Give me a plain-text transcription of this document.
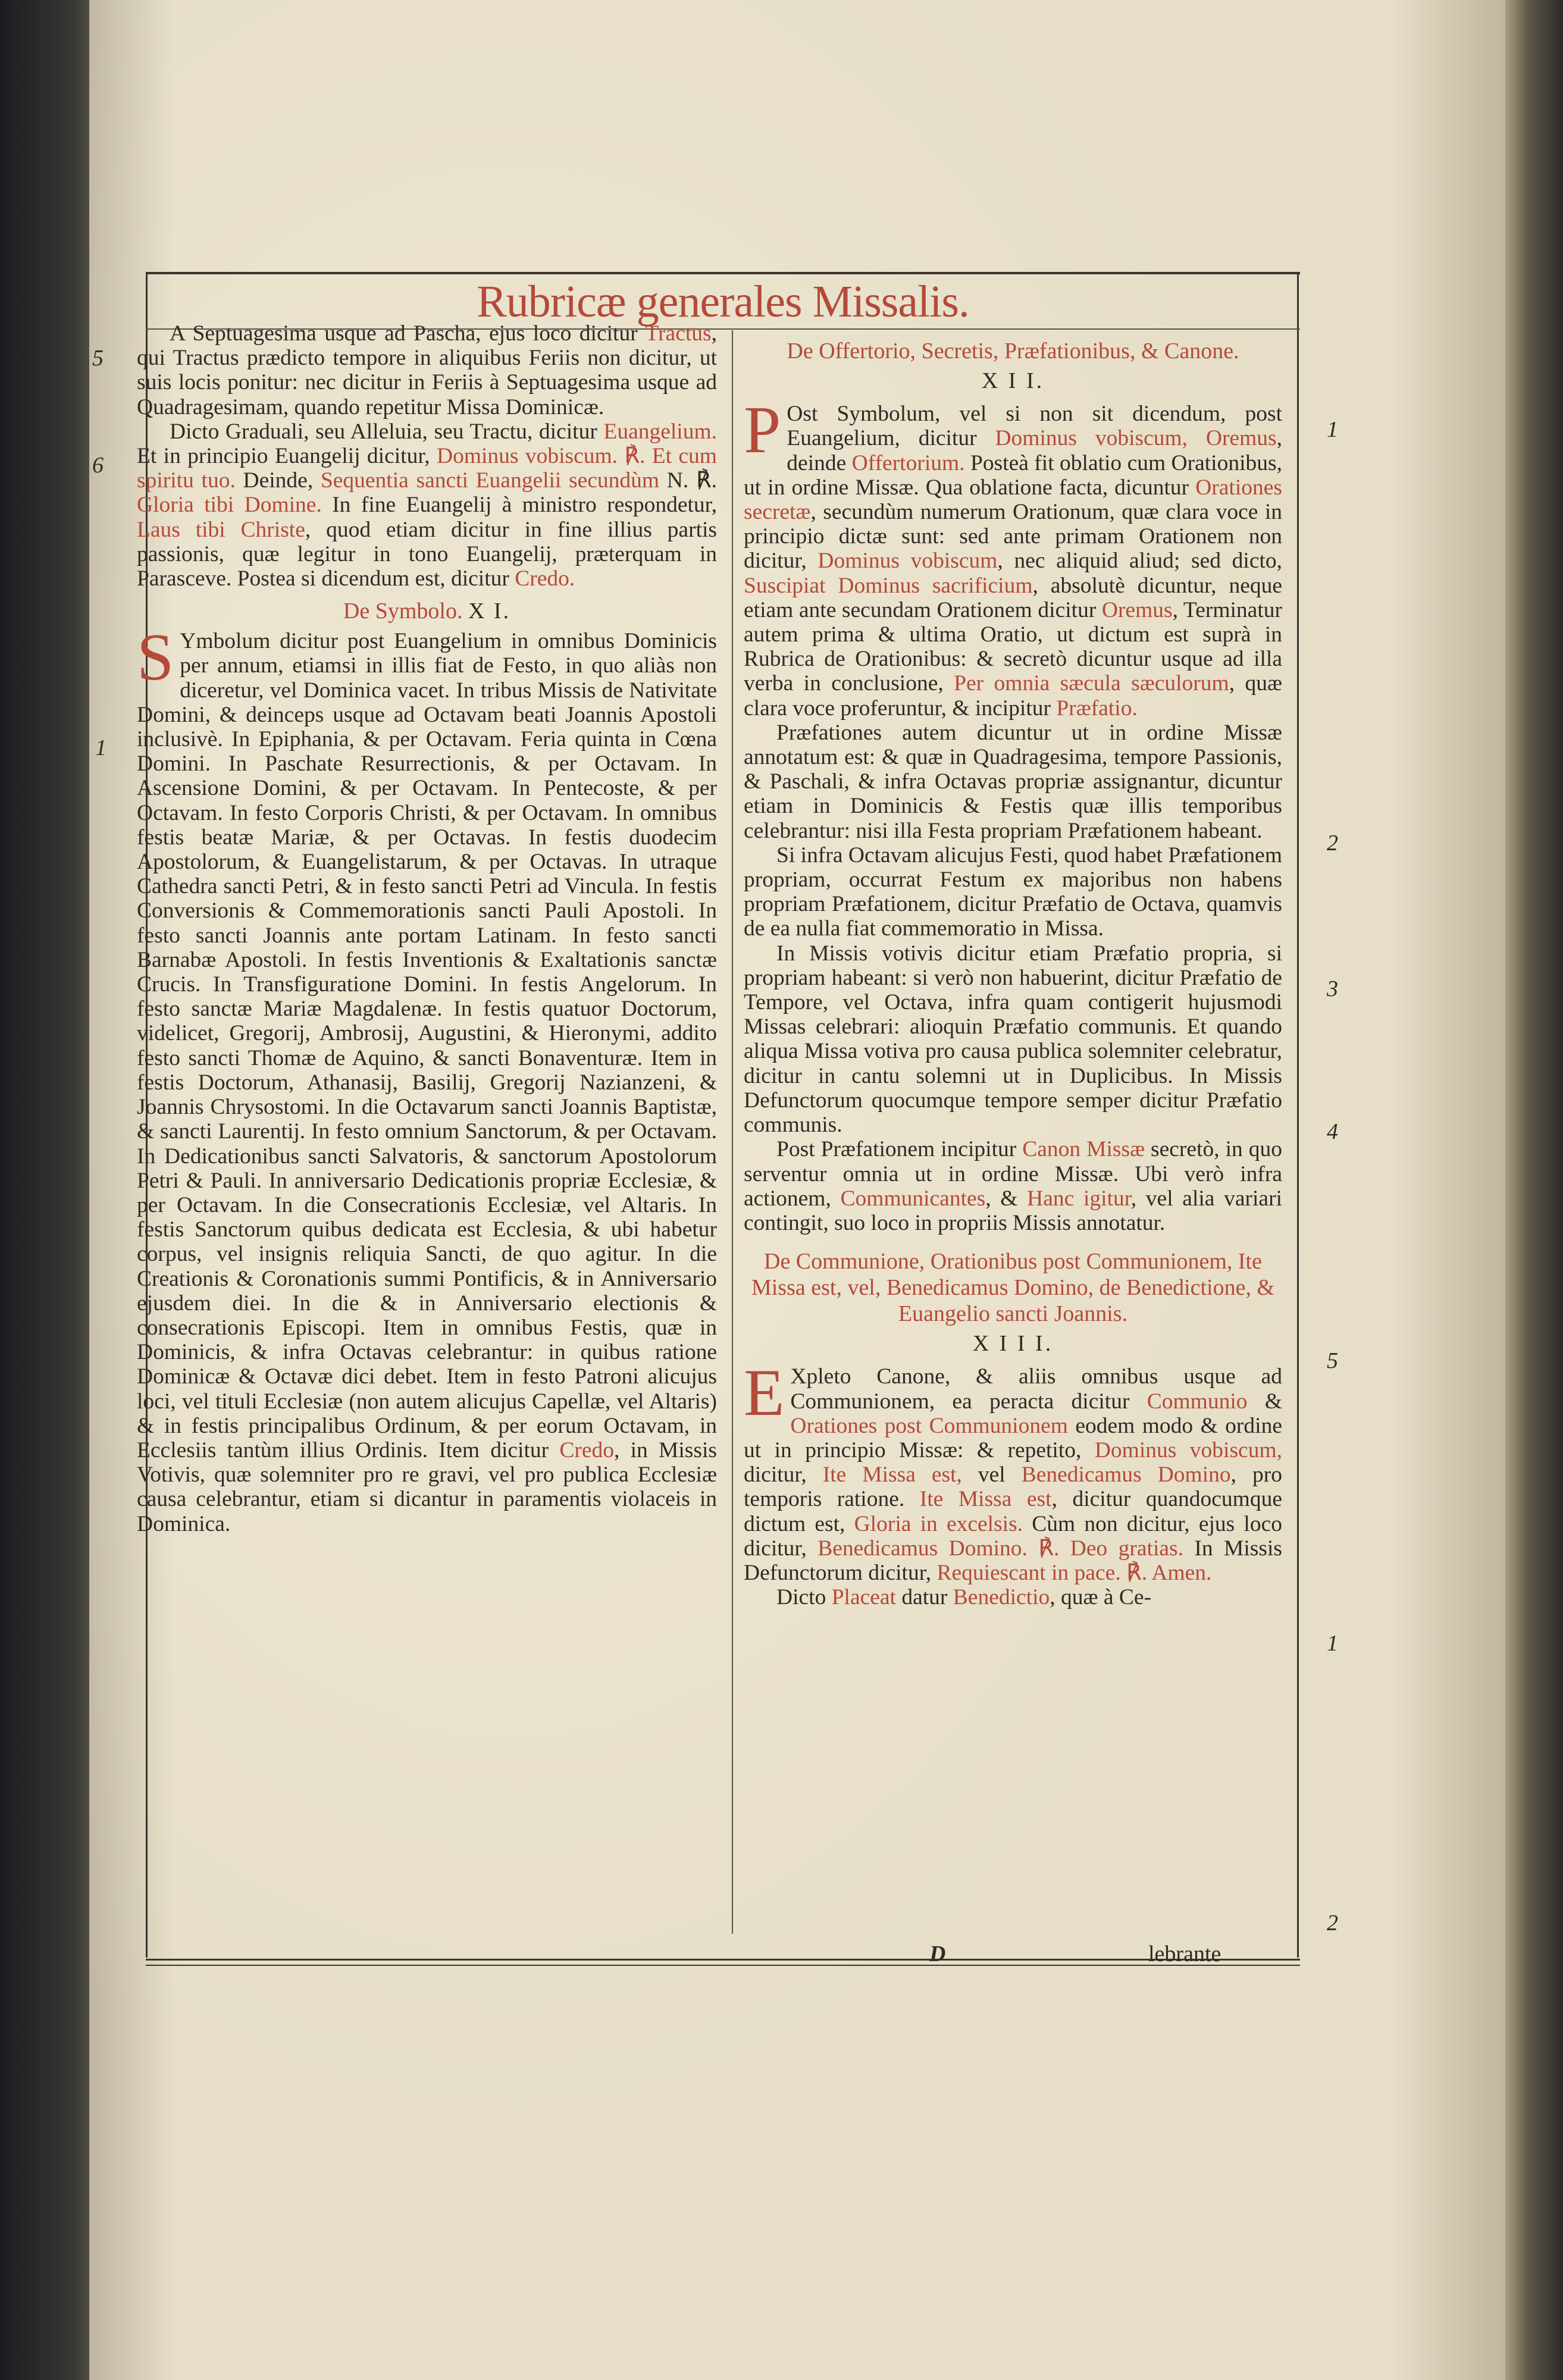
Rubricæ generales Missalis.
5
6
1
1
2
3
4
5
1
2

A Septuagesima usque ad Pascha, ejus loco dicitur Tractus, qui Tractus prædicto tempore in aliquibus Feriis non dicitur, ut suis locis ponitur: nec dicitur in Feriis à Septuagesima usque ad Quadragesimam, quando repetitur Missa Dominicæ.

Dicto Graduali, seu Alleluia, seu Tractu, dicitur Euangelium. Et in principio Euangelij dicitur, Dominus vobiscum. ℟. Et cum spiritu tuo. Deinde, Sequentia sancti Euangelii secundùm N. ℟. Gloria tibi Domine. In fine Euangelij à ministro respondetur, Laus tibi Christe, quod etiam dicitur in fine illius partis passionis, quæ legitur in tono Euangelij, præterquam in Parasceve. Postea si dicendum est, dicitur Credo.

De Symbolo. X I.

S Ymbolum dicitur post Euangelium in omnibus Dominicis per annum, etiamsi in illis fiat de Festo, in quo aliàs non diceretur, vel Dominica vacet. In tribus Missis de Nativitate Domini, & deinceps usque ad Octavam beati Joannis Apostoli inclusivè. In Epiphania, & per Octavam. Feria quinta in Cœna Domini. In Paschate Resurrectionis, & per Octavam. In Ascensione Domini, & per Octavam. In Pentecoste, & per Octavam. In festo Corporis Christi, & per Octavam. In omnibus festis beatæ Mariæ, & per Octavas. In festis duodecim Apostolorum, & Euangelistarum, & per Octavas. In utraque Cathedra sancti Petri, & in festo sancti Petri ad Vincula. In festis Conversionis & Commemorationis sancti Pauli Apostoli. In festo sancti Joannis ante portam Latinam. In festo sancti Barnabæ Apostoli. In festis Inventionis & Exaltationis sanctæ Crucis. In Transfiguratione Domini. In festis Angelorum. In festo sanctæ Mariæ Magdalenæ. In festis quatuor Doctorum, videlicet, Gregorij, Ambrosij, Augustini, & Hieronymi, addito festo sancti Thomæ de Aquino, & sancti Bonaventuræ. Item in festis Doctorum, Athanasij, Basilij, Gregorij Nazianzeni, & Joannis Chrysostomi. In die Octavarum sancti Joannis Baptistæ, & sancti Laurentij. In festo omnium Sanctorum, & per Octavam. In Dedicationibus sancti Salvatoris, & sanctorum Apostolorum Petri & Pauli. In anniversario Dedicationis propriæ Ecclesiæ, & per Octavam. In die Consecrationis Ecclesiæ, vel Altaris. In festis Sanctorum quibus dedicata est Ecclesia, & ubi habetur corpus, vel insignis reliquia Sancti, de quo agitur. In die Creationis & Coronationis summi Pontificis, & in Anniversario ejusdem diei. In die & in Anniversario electionis & consecrationis Episcopi. Item in omnibus Festis, quæ in Dominicis, & infra Octavas celebrantur: in quibus ratione Dominicæ & Octavæ dici debet. Item in festo Patroni alicujus loci, vel tituli Ecclesiæ (non autem alicujus Capellæ, vel Altaris) & in festis principalibus Ordinum, & per eorum Octavam, in Ecclesiis tantùm illius Ordinis. Item dicitur Credo, in Missis Votivis, quæ solemniter pro re gravi, vel pro publica Ecclesiæ causa celebrantur, etiam si dicantur in paramentis violaceis in Dominica.

De Offertorio, Secretis, Præfationibus, & Canone.

X I I.

P Ost Symbolum, vel si non sit dicendum, post Euangelium, dicitur Dominus vobiscum, Oremus, deinde Offertorium. Posteà fit oblatio cum Orationibus, ut in ordine Missæ. Qua oblatione facta, dicuntur Orationes secretæ, secundùm numerum Orationum, quæ clara voce in principio dictæ sunt: sed ante primam Orationem non dicitur, Dominus vobiscum, nec aliquid aliud; sed dicto, Suscipiat Dominus sacrificium, absolutè dicuntur, neque etiam ante secundam Orationem dicitur Oremus, Terminatur autem prima & ultima Oratio, ut dictum est suprà in Rubrica de Orationibus: & secretò dicuntur usque ad illa verba in conclusione, Per omnia sæcula sæculorum, quæ clara voce proferuntur, & incipitur Præfatio.

Præfationes autem dicuntur ut in ordine Missæ annotatum est: & quæ in Quadragesima, tempore Passionis, & Paschali, & infra Octavas propriæ assignantur, dicuntur etiam in Dominicis & Festis quæ illis temporibus celebrantur: nisi illa Festa propriam Præfationem habeant.

Si infra Octavam alicujus Festi, quod habet Præfationem propriam, occurrat Festum ex majoribus non habens propriam Præfationem, dicitur Præfatio de Octava, quamvis de ea nulla fiat commemoratio in Missa.

In Missis votivis dicitur etiam Præfatio propria, si propriam habeant: si verò non habuerint, dicitur Præfatio de Tempore, vel Octava, infra quam contigerit hujusmodi Missas celebrari: alioquin Præfatio communis. Et quando aliqua Missa votiva pro causa publica solemniter celebratur, dicitur in cantu solemni ut in Duplicibus. In Missis Defunctorum quocumque tempore semper dicitur Præfatio communis.

Post Præfationem incipitur Canon Missæ secretò, in quo serventur omnia ut in ordine Missæ. Ubi verò infra actionem, Communicantes, & Hanc igitur, vel alia variari contingit, suo loco in propriis Missis annotatur.

De Communione, Orationibus post Communionem, Ite Missa est, vel, Benedicamus Domino, de Benedictione, & Euangelio sancti Joannis.

X I I I.

E Xpleto Canone, & aliis omnibus usque ad Communionem, ea peracta dicitur Communio & Orationes post Communionem eodem modo & ordine ut in principio Missæ: & repetito, Dominus vobiscum, dicitur, Ite Missa est, vel Benedicamus Domino, pro temporis ratione. Ite Missa est, dicitur quandocumque dictum est, Gloria in excelsis. Cùm non dicitur, ejus loco dicitur, Benedicamus Domino. ℟. Deo gratias. In Missis Defunctorum dicitur, Requiescant in pace. ℟. Amen.

Dicto Placeat datur Benedictio, quæ à Ce-

D	lebrante
